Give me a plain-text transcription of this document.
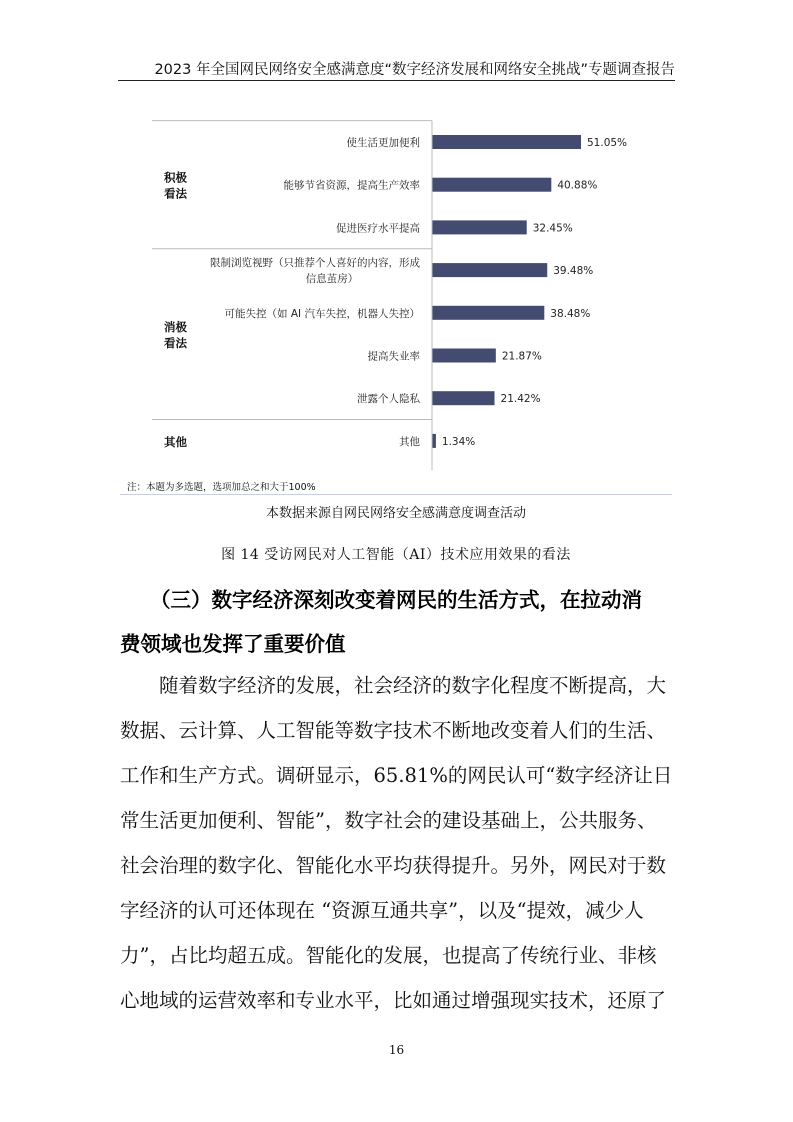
2023 年全国网民网络安全感满意度“数字经济发展和网络安全挑战”专题调查报告
51.05%
使生活更加便利
40.88%
能够节省资源，提高生产效率
32.45%
促进医疗水平提高
积极
看法
39.48%
限制浏览视野（只推荐个人喜好的内容，形成
信息茧房）
38.48%
可能失控（如 AI 汽车失控，机器人失控）
21.87%
提高失业率
21.42%
泄露个人隐私
消极
看法
1.34%
其他
其他
注：本题为多选题，选项加总之和大于100%
本数据来源自网民网络安全感满意度调查活动
图 14 受访网民对人工智能（AI）技术应用效果的看法
（三）数字经济深刻改变着网民的生活方式，在拉动消
费领域也发挥了重要价值
　　随着数字经济的发展，社会经济的数字化程度不断提高，大
数据、云计算、人工智能等数字技术不断地改变着人们的生活、
工作和生产方式。调研显示，65.81%的网民认可“数字经济让日
常生活更加便利、智能”，数字社会的建设基础上，公共服务、
社会治理的数字化、智能化水平均获得提升。另外，网民对于数
字经济的认可还体现在 “资源互通共享”，以及“提效，减少人
力”，占比均超五成。智能化的发展，也提高了传统行业、非核
心地域的运营效率和专业水平，比如通过增强现实技术，还原了
16
